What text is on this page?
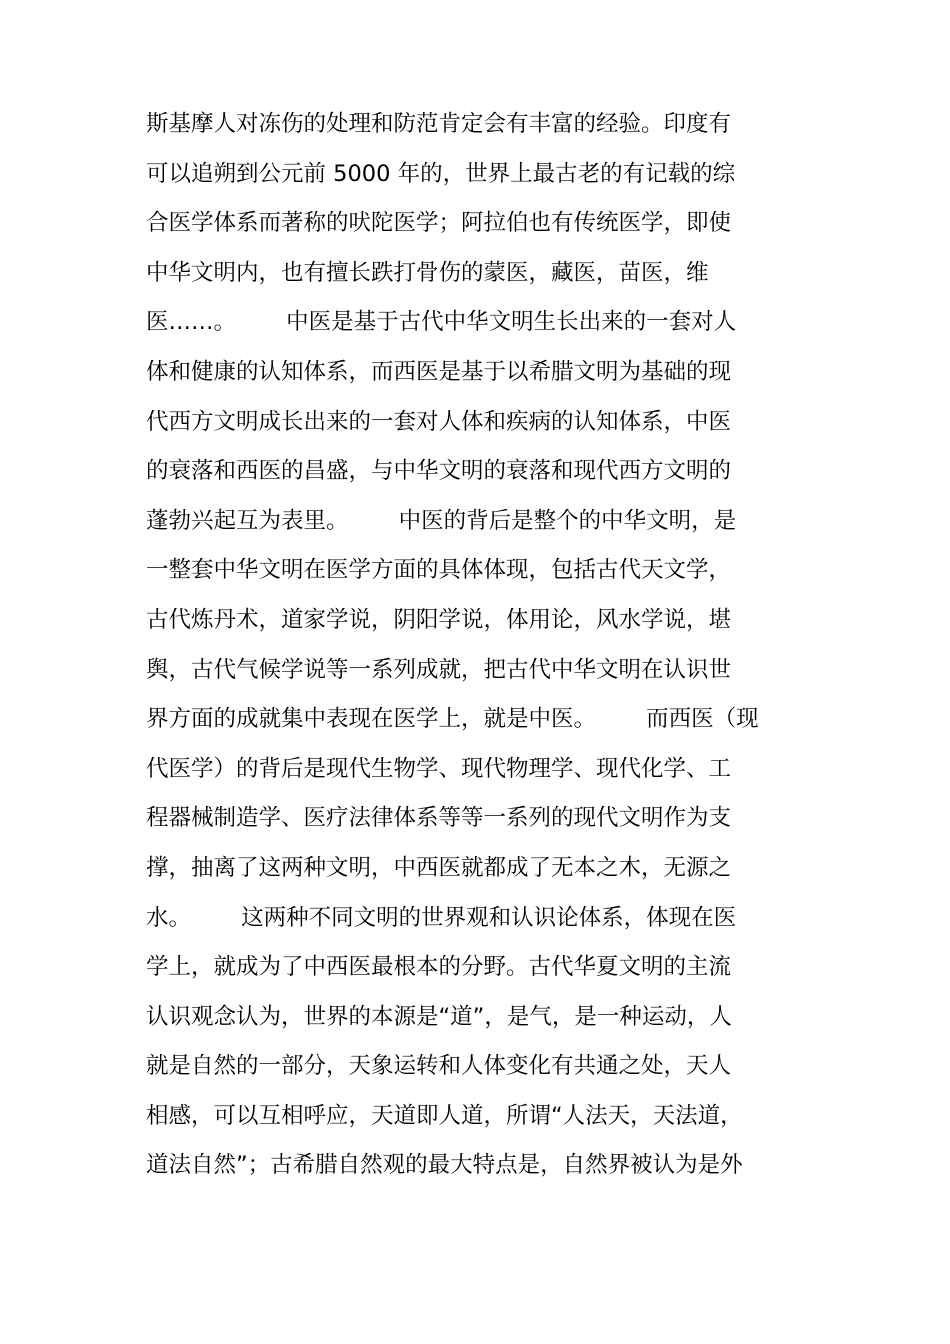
斯基摩人对冻伤的处理和防范肯定会有丰富的经验。印度有
可以追朔到公元前 5000 年的，世界上最古老的有记载的综
合医学体系而著称的吠陀医学；阿拉伯也有传统医学，即使
中华文明内，也有擅长跌打骨伤的蒙医，藏医，苗医，维
医……。       中医是基于古代中华文明生长出来的一套对人
体和健康的认知体系，而西医是基于以希腊文明为基础的现
代西方文明成长出来的一套对人体和疾病的认知体系，中医
的衰落和西医的昌盛，与中华文明的衰落和现代西方文明的
蓬勃兴起互为表里。       中医的背后是整个的中华文明，是
一整套中华文明在医学方面的具体体现，包括古代天文学，
古代炼丹术，道家学说，阴阳学说，体用论，风水学说，堪
舆，古代气候学说等一系列成就，把古代中华文明在认识世
界方面的成就集中表现在医学上，就是中医。       而西医（现
代医学）的背后是现代生物学、现代物理学、现代化学、工
程器械制造学、医疗法律体系等等一系列的现代文明作为支
撑，抽离了这两种文明，中西医就都成了无本之木，无源之
水。       这两种不同文明的世界观和认识论体系，体现在医
学上，就成为了中西医最根本的分野。古代华夏文明的主流
认识观念认为，世界的本源是“道”，是气，是一种运动，人
就是自然的一部分，天象运转和人体变化有共通之处，天人
相感，可以互相呼应，天道即人道，所谓“人法天，天法道，
道法自然”；古希腊自然观的最大特点是，自然界被认为是外
